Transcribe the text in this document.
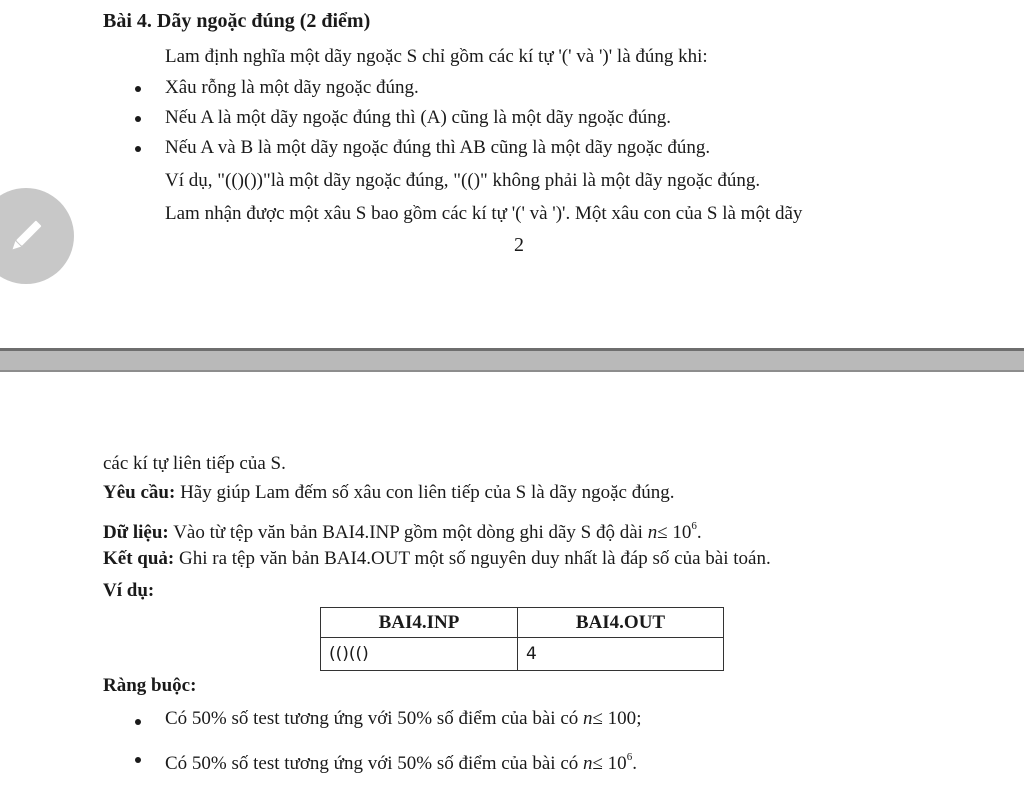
Bài 4. Dãy ngoặc đúng (2 điểm)
Lam định nghĩa một dãy ngoặc S chỉ gồm các kí tự '(' và ')' là đúng khi:
Xâu rỗng là một dãy ngoặc đúng.
Nếu A là một dãy ngoặc đúng thì (A) cũng là một dãy ngoặc đúng.
Nếu A và B là một dãy ngoặc đúng thì AB cũng là một dãy ngoặc đúng.
Ví dụ, "(()())"là một dãy ngoặc đúng, "(()" không phải là một dãy ngoặc đúng.
Lam nhận được một xâu S bao gồm các kí tự '(' và ')'. Một xâu con của S là một dãy
2
các kí tự liên tiếp của S.
Yêu cầu: Hãy giúp Lam đếm số xâu con liên tiếp của S là dãy ngoặc đúng.
Dữ liệu: Vào từ tệp văn bản BAI4.INP gồm một dòng ghi dãy S độ dài $n\le 10^6$.
Kết quả: Ghi ra tệp văn bản BAI4.OUT một số nguyên duy nhất là đáp số của bài toán.
Ví dụ:
BAI4.INP	BAI4.OUT
(()(()	4
Ràng buộc:
Có 50% số test tương ứng với 50% số điểm của bài có n≤ 100;
Có 50% số test tương ứng với 50% số điểm của bài có $n\le 10^6$.
